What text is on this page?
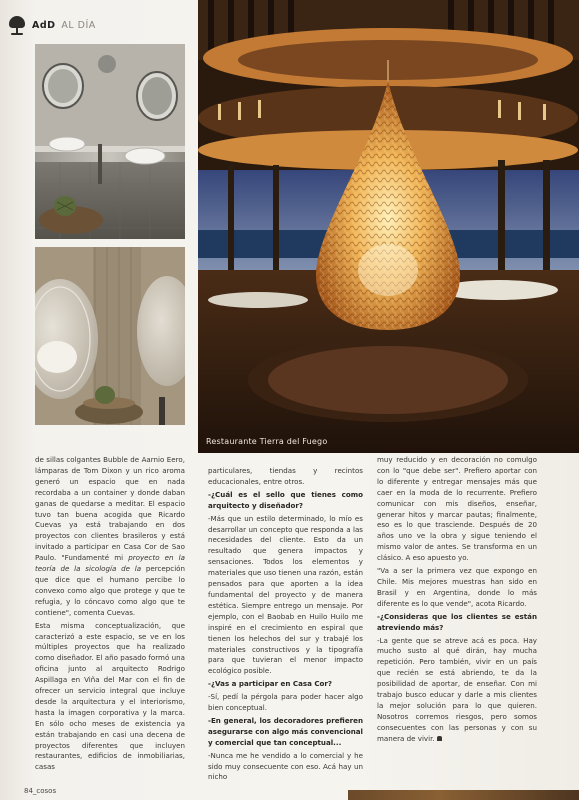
AdD AL DÍA
Restaurante Tierra del Fuego

de sillas colgantes Bubble de Aarnio Eero, lámparas de Tom Dixon y un rico aroma generó un espacio que en nada recordaba a un container y donde daban ganas de quedarse a meditar. El espacio tuvo tan buena acogida que Ricardo Cuevas ya está trabajando en dos proyectos con clientes brasileros y está invitado a participar en Casa Cor de Sao Paulo. "Fundamenté mi proyecto en la teoría de la sicología de la percepción que dice que el humano percibe lo convexo como algo que protege y que te refugia, y lo cóncavo como algo que te contiene", comenta Cuevas.

Esta misma conceptualización, que caracterizó a este espacio, se ve en los múltiples proyectos que ha realizado como diseñador. El año pasado formó una oficina junto al arquitecto Rodrigo Aspillaga en Viña del Mar con el fin de ofrecer un servicio integral que incluye desde la arquitectura y el interiorismo, hasta la imagen corporativa y la marca. En sólo ocho meses de existencia ya están trabajando en casi una decena de proyectos diferentes que incluyen restaurantes, edificios de inmobiliarias, casas

particulares, tiendas y recintos educacionales, entre otros.

-¿Cuál es el sello que tienes como arquitecto y diseñador?

-Más que un estilo determinado, lo mío es desarrollar un concepto que responda a las necesidades del cliente. Esto da un resultado que genera impactos y sensaciones. Todos los elementos y materiales que uso tienen una razón, están pensados para que aporten a la idea fundamental del proyecto y de manera estética. Siempre entrego un mensaje. Por ejemplo, con el Baobab en Huilo Huilo me inspiré en el crecimiento en espiral que tienen los helechos del sur y trabajé los materiales constructivos y la tipografía para que tuvieran el menor impacto ecológico posible.

-¿Vas a participar en Casa Cor?

-Sí, pedí la pérgola para poder hacer algo bien conceptual.

-En general, los decoradores prefieren asegurarse con algo más convencional y comercial que tan conceptual...

-Nunca me he vendido a lo comercial y he sido muy consecuente con eso. Acá hay un nicho

muy reducido y en decoración no comulgo con lo "que debe ser". Prefiero aportar con lo diferente y entregar mensajes más que caer en la moda de lo recurrente. Prefiero comunicar con mis diseños, enseñar, generar hitos y marcar pautas; finalmente, eso es lo que trasciende. Después de 20 años uno ve la obra y sigue teniendo el mismo valor de antes. Se transforma en un clásico. A eso apuesto yo.

"Va a ser la primera vez que expongo en Chile. Mis mejores muestras han sido en Brasil y en Argentina, donde lo más diferente es lo que vende", acota Ricardo.

-¿Consideras que los clientes se están atreviendo más?

-La gente que se atreve acá es poca. Hay mucho susto al qué dirán, hay mucha repetición. Pero también, vivir en un país que recién se está abriendo, te da la posibilidad de aportar, de enseñar. Con mi trabajo busco educar y darle a mis clientes la mejor solución para lo que quieren. Nosotros corremos riesgos, pero somos consecuentes con las personas y con su manera de vivir.

84_cosos
